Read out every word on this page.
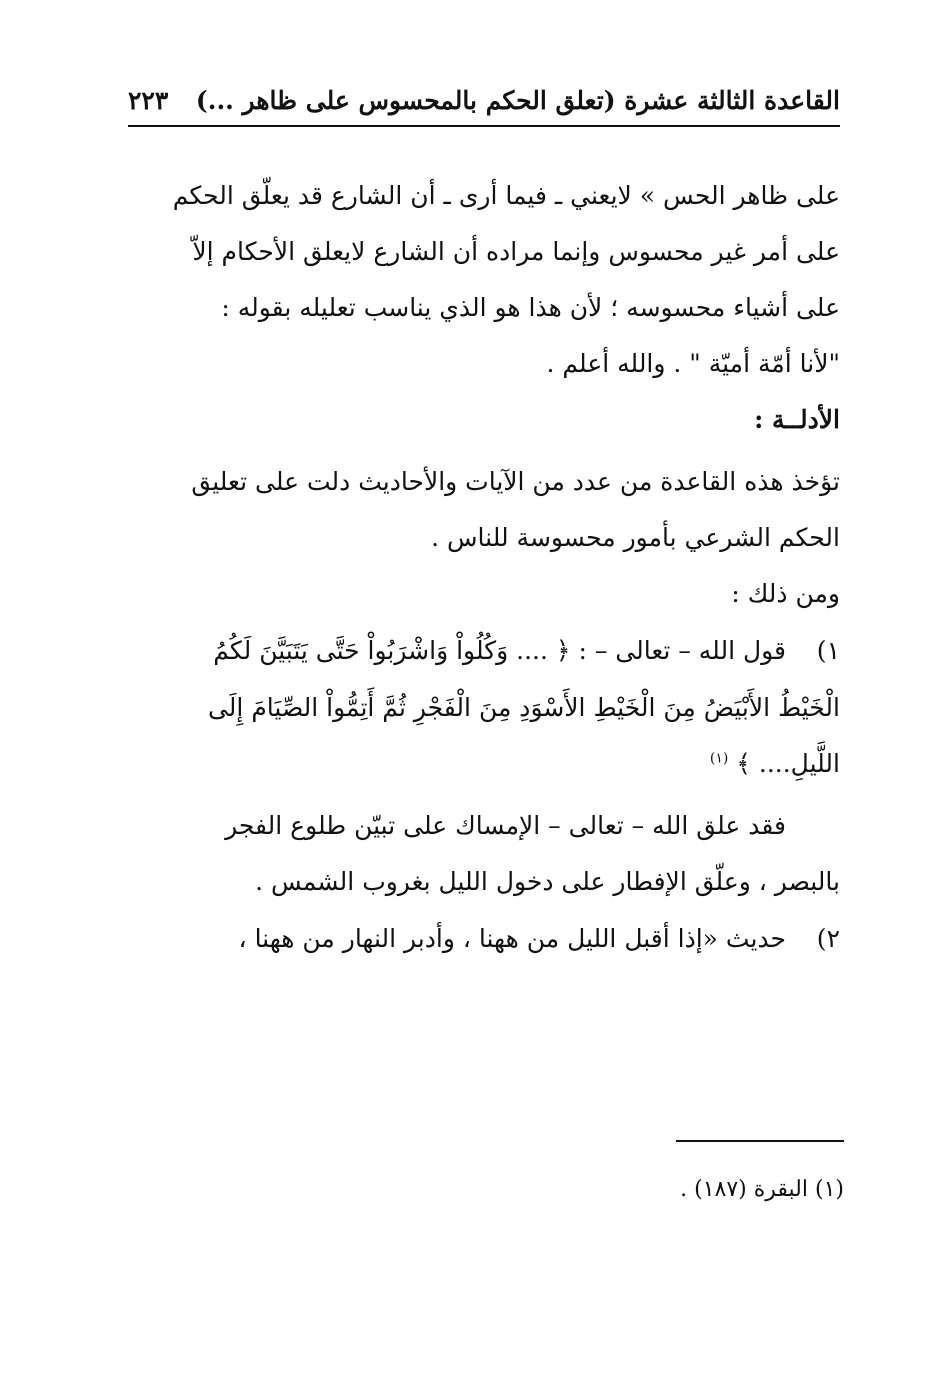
القاعدة الثالثة عشرة (تعلق الحكم بالمحسوس على ظاهر ...)
٢٢٣
على ظاهر الحس » لايعني ـ فيما أرى ـ أن الشارع قد يعلّق الحكم
على أمر غير محسوس وإنما مراده أن الشارع لايعلق الأحكام إلاّ
على أشياء محسوسه ؛ لأن هذا هو الذي يناسب تعليله بقوله :
"لأنا أمّة أميّة " . والله أعلم .
الأدلــة :
تؤخذ هذه القاعدة من عدد من الآيات والأحاديث دلت على تعليق
الحكم الشرعي بأمور محسوسة للناس .
ومن ذلك :
١)
قول الله – تعالى – : ﴿ .... وَكُلُواْ وَاشْرَبُواْ حَتَّى يَتَبَيَّنَ لَكُمُ
الْخَيْطُ الأَبْيَضُ مِنَ الْخَيْطِ الأَسْوَدِ مِنَ الْفَجْرِ ثُمَّ أَتِمُّواْ الصِّيَامَ إِلَى
اللَّيلِ.... ﴾ $^{(١)}$
فقد علق الله – تعالى – الإمساك على تبيّن طلوع الفجر
بالبصر ، وعلّق الإفطار على دخول الليل بغروب الشمس .
٢)
حديث «إذا أقبل الليل من ههنا ، وأدبر النهار من ههنا ،
(١) البقرة (١٨٧) .
